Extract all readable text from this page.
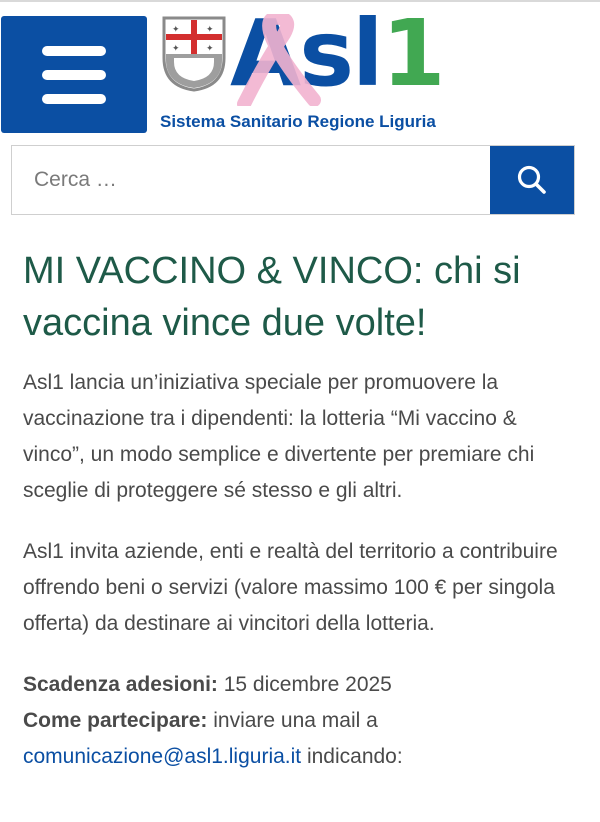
✦	✦
✦	✦ Asl1
Sistema Sanitario Regione Liguria
Cerca …
MI VACCINO & VINCO: chi si vaccina vince due volte!

Asl1 lancia un’iniziativa speciale per promuovere la vaccinazione tra i dipendenti: la lotteria “Mi vaccino & vinco”, un modo semplice e divertente per premiare chi sceglie di proteggere sé stesso e gli altri.

Asl1 invita aziende, enti e realtà del territorio a contribuire offrendo beni o servizi (valore massimo 100 € per singola offerta) da destinare ai vincitori della lotteria.

Scadenza adesioni: 15 dicembre 2025

Come partecipare: inviare una mail a

comunicazione@asl1.liguria.it indicando:
